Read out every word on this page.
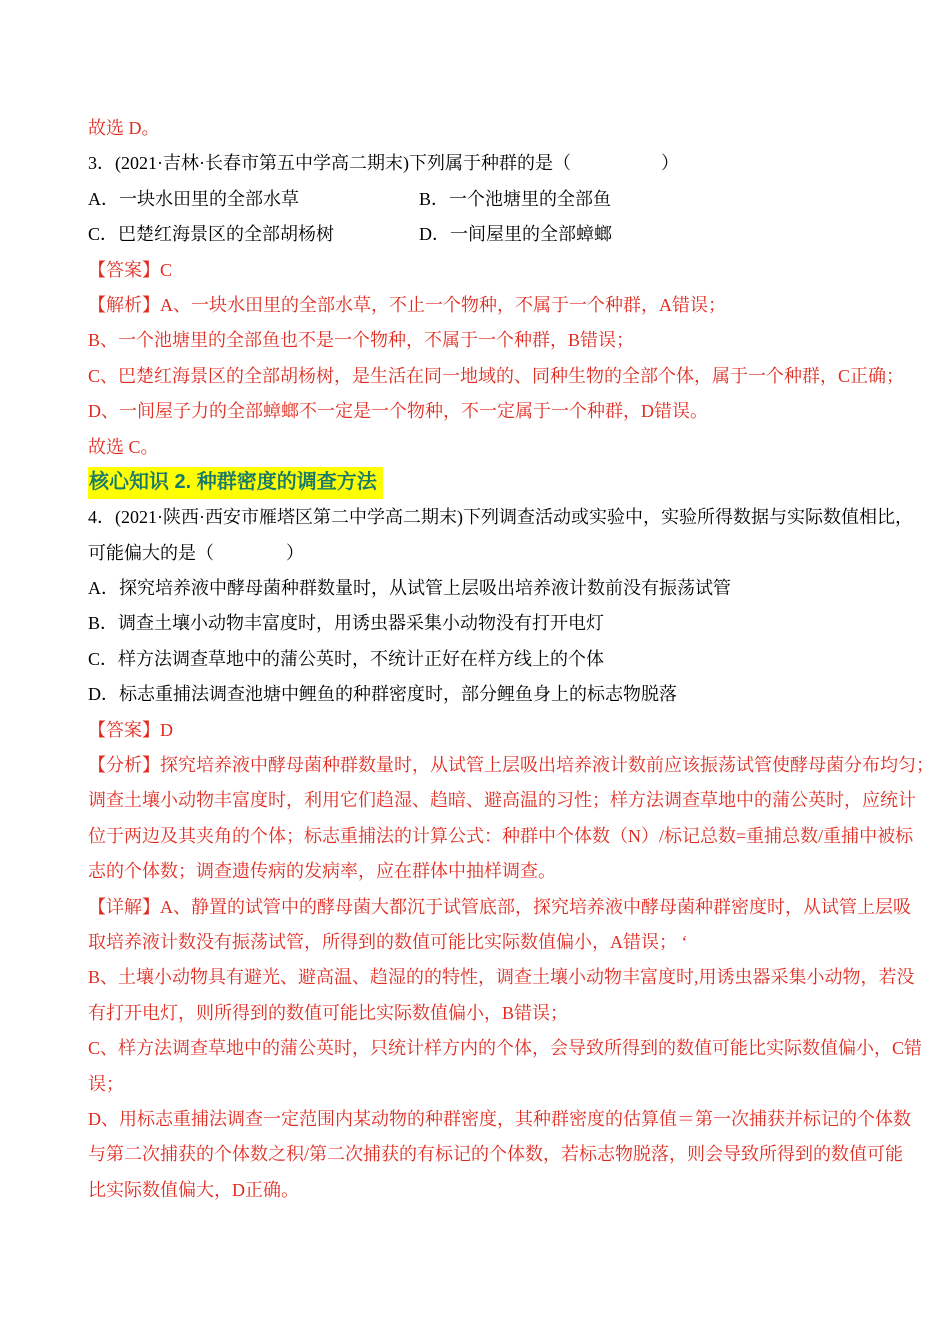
故选 D。
3．(2021·吉林·长春市第五中学高二期末)下列属于种群的是（　　　　　）
A．一块水田里的全部水草	B．一个池塘里的全部鱼
C．巴楚红海景区的全部胡杨树	D．一间屋里的全部蟑螂
【答案】C
【解析】A、一块水田里的全部水草，不止一个物种，不属于一个种群，A错误；
B、一个池塘里的全部鱼也不是一个物种，不属于一个种群，B错误；
C、巴楚红海景区的全部胡杨树，是生活在同一地域的、同种生物的全部个体，属于一个种群，C正确；
D、一间屋子力的全部蟑螂不一定是一个物种，不一定属于一个种群，D错误。
故选 C。
核心知识 2. 种群密度的调查方法
4．(2021·陕西·西安市雁塔区第二中学高二期末)下列调查活动或实验中，实验所得数据与实际数值相比，
可能偏大的是（　　　　）
A．探究培养液中酵母菌种群数量时，从试管上层吸出培养液计数前没有振荡试管
B．调查土壤小动物丰富度时，用诱虫器采集小动物没有打开电灯
C．样方法调查草地中的蒲公英时，不统计正好在样方线上的个体
D．标志重捕法调查池塘中鲤鱼的种群密度时，部分鲤鱼身上的标志物脱落
【答案】D
【分析】探究培养液中酵母菌种群数量时，从试管上层吸出培养液计数前应该振荡试管使酵母菌分布均匀；
调查土壤小动物丰富度时，利用它们趋湿、趋暗、避高温的习性；样方法调查草地中的蒲公英时，应统计
位于两边及其夹角的个体；标志重捕法的计算公式：种群中个体数（N）/标记总数=重捕总数/重捕中被标
志的个体数；调查遗传病的发病率，应在群体中抽样调查。
【详解】A、静置的试管中的酵母菌大都沉于试管底部，探究培养液中酵母菌种群密度时，从试管上层吸
取培养液计数没有振荡试管，所得到的数值可能比实际数值偏小，A错误； ‘
B、土壤小动物具有避光、避高温、趋湿的的特性，调查土壤小动物丰富度时,用诱虫器采集小动物，若没
有打开电灯，则所得到的数值可能比实际数值偏小，B错误；
C、样方法调查草地中的蒲公英时，只统计样方内的个体，会导致所得到的数值可能比实际数值偏小，C错
误；
D、用标志重捕法调查一定范围内某动物的种群密度，其种群密度的估算值＝第一次捕获并标记的个体数
与第二次捕获的个体数之积/第二次捕获的有标记的个体数，若标志物脱落，则会导致所得到的数值可能
比实际数值偏大，D正确。
